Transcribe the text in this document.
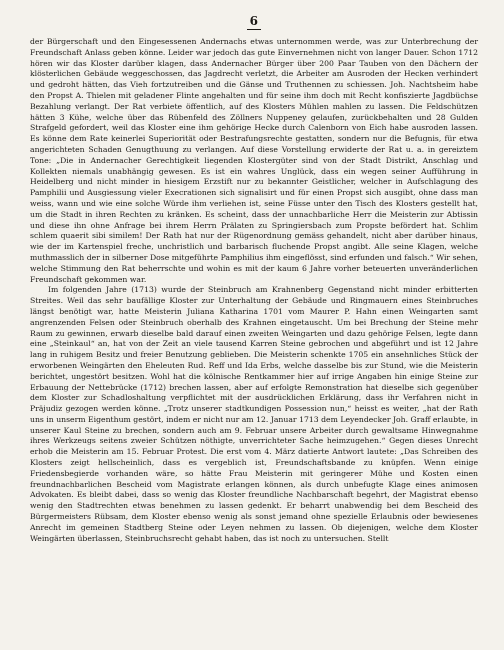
6

der Bürgerschaft und den Eingesessenen Andernachs etwas unternommen werde, was zur Unterbrechung der Freundschaft Anlass geben könne. Leider war jedoch das gute Einvernehmen nicht von langer Dauer. Schon 1712 hören wir das Kloster darüber klagen, dass Andernacher Bürger über 200 Paar Tauben von den Dächern der klösterlichen Gebäude weggeschossen, das Jagdrecht verletzt, die Arbeiter am Ausroden der Hecken verhindert und gedroht hätten, das Vieh fortzutreiben und die Gänse und Truthennen zu schiessen. Joh. Nachtsheim habe den Propst A. Thielen mit geladener Flinte angehalten und für seine ihm doch mit Recht konfiszierte Jagdbüchse Bezahlung verlangt. Der Rat verbiete öffentlich, auf des Klosters Mühlen mahlen zu lassen. Die Feldschützen hätten 3 Kühe, welche über das Rübenfeld des Zöllners Nuppeney gelaufen, zurückbehalten und 28 Gulden Strafgeld gefordert, weil das Kloster eine ihm gehörige Hecke durch Calenborn von Eich habe ausroden lassen. Es könne dem Rate keinerlei Superiorität oder Bestrafungsrechte gestatten, sondern nur die Befugnis, für etwa angerichteten Schaden Genugthuung zu verlangen. Auf diese Vorstellung erwiderte der Rat u. a. in gereiztem Tone: „Die in Andernacher Gerechtigkeit liegenden Klostergüter sind von der Stadt Distrikt, Anschlag und Kollekten niemals unabhängig gewesen. Es ist ein wahres Unglück, dass ein wegen seiner Aufführung in Heidelberg und nicht minder in hiesigem Erzstift nur zu bekannter Geistlicher, welcher in Aufschlagung des Pamphilii und Ausgiessung vieler Execrationen sich signalisirt und für einen Propst sich ausgibt, ohne dass man weiss, wann und wie eine solche Würde ihm verliehen ist, seine Füsse unter den Tisch des Klosters gestellt hat, um die Stadt in ihren Rechten zu kränken. Es scheint, dass der unnachbarliche Herr die Meisterin zur Abtissin und diese ihn ohne Anfrage bei ihrem Herrn Prälaten zu Springiersbach zum Propste befördert hat. Schlim schlem quaerit sibi similem! Der Rath hat nur der Rügenordnung gemäss gehandelt, nicht aber darüber hinaus, wie der im Kartenspiel freche, unchristlich und barbarisch fluchende Propst angibt. Alle seine Klagen, welche muthmasslich der in silberner Dose mitgeführte Pamphilius ihm eingeflösst, sind erfunden und falsch.“ Wir sehen, welche Stimmung den Rat beherrschte und wohin es mit der kaum 6 Jahre vorher beteuerten unveränderlichen Freundschaft gekommen war.

Im folgenden Jahre (1713) wurde der Steinbruch am Krahnenberg Gegenstand nicht minder erbitterten Streites. Weil das sehr baufällige Kloster zur Unterhaltung der Gebäude und Ringmauern eines Steinbruches längst benötigt war, hatte Meisterin Juliana Katharina 1701 vom Maurer P. Hahn einen Weingarten samt angrenzenden Felsen oder Steinbruch oberhalb des Krahnen eingetauscht. Um bei Brechung der Steine mehr Raum zu gewinnen, erwarb dieselbe bald darauf einen zweiten Weingarten und dazu gehörige Felsen, legte dann eine „Steinkaul“ an, hat von der Zeit an viele tausend Karren Steine gebrochen und abgeführt und ist 12 Jahre lang in ruhigem Besitz und freier Benutzung geblieben. Die Meisterin schenkte 1705 ein ansehnliches Stück der erworbenen Weingärten den Eheleuten Rud. Reff und Ida Erbs, welche dasselbe bis zur Stund, wie die Meisterin berichtet, ungestört besitzen. Wohl hat die kölnische Rentkammer hier auf irrige Angaben hin einige Steine zur Erbauung der Nettebrücke (1712) brechen lassen, aber auf erfolgte Remonstration hat dieselbe sich gegenüber dem Kloster zur Schadloshaltung verpflichtet mit der ausdrücklichen Erklärung, dass ihr Verfahren nicht in Präjudiz gezogen werden könne. „Trotz unserer stadtkundigen Possession nun,“ heisst es weiter, „hat der Rath uns in unserm Eigenthum gestört, indem er nicht nur am 12. Januar 1713 dem Leyendecker Joh. Graff erlaubte, in unserer Kaul Steine zu brechen, sondern auch am 9. Februar unsere Arbeiter durch gewaltsame Hinwegnahme ihres Werkzeugs seitens zweier Schützen nöthigte, unverrichteter Sache heimzugehen.“ Gegen dieses Unrecht erhob die Meisterin am 15. Februar Protest. Die erst vom 4. März datierte Antwort lautete: „Das Schreiben des Klosters zeigt hellscheinlich, dass es vergeblich ist, Freundschaftsbande zu knüpfen. Wenn einige Friedensbegierde vorhanden wäre, so hätte Frau Meisterin mit geringerer Mühe und Kosten einen freundnachbarlichen Bescheid vom Magistrate erlangen können, als durch unbefugte Klage eines animosen Advokaten. Es bleibt dabei, dass so wenig das Kloster freundliche Nachbarschaft begehrt, der Magistrat ebenso wenig den Stadtrechten etwas benehmen zu lassen gedenkt. Er beharrt unabwendig bei dem Bescheid des Bürgermeisters Rübsam, dem Kloster ebenso wenig als sonst jemand ohne spezielle Erlaubnis oder bewiesenes Anrecht im gemeinen Stadtberg Steine oder Leyen nehmen zu lassen. Ob diejenigen, welche dem Kloster Weingärten überlassen, Steinbruchsrecht gehabt haben, das ist noch zu untersuchen. Stellt
